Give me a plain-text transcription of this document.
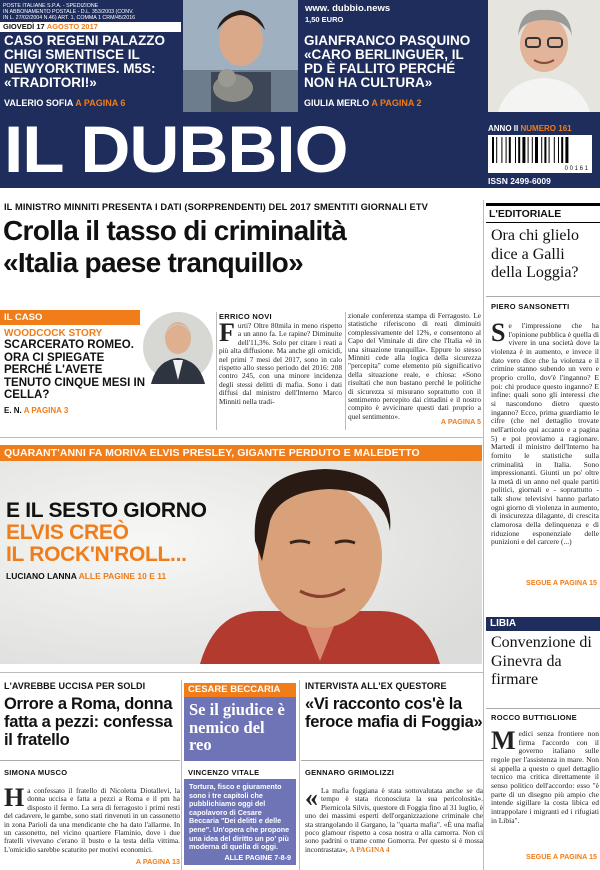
POSTE ITALIANE S.P.A. - SPEDIZIONE
IN ABBONAMENTO POSTALE - D.L. 353/2003 (CONV.
IN L. 27/02/2004 N.46) ART. 1, COMMA 1 CRM/45/2016
GIOVEDÌ 17 AGOSTO 2017
CASO REGENI PALAZZO CHIGI SMENTISCE IL NEWYORKTIMES. M5S: «TRADITORI!»
VALERIO SOFIA A PAGINA 6
www. dubbio.news
1,50 EURO
GIANFRANCO PASQUINO «CARO BERLINGUER, IL PD È FALLITO PERCHÉ NON HA CULTURA»
GIULIA MERLO A PAGINA 2
IL DUBBIO	ANNO II NUMERO 161
0 0 1 6 1
ISSN 2499-6009
IL MINISTRO MINNITI PRESENTA I DATI (SORPRENDENTI) DEL 2017 SMENTITI GIORNALI ETV
Crolla il tasso di criminalità
«Italia paese tranquillo»
IL CASO
WOODCOCK STORY
SCARCERATO ROMEO. ORA CI SPIEGATE PERCHÉ L'AVETE TENUTO CINQUE MESI IN CELLA?
E. N. A PAGINA 3
ERRICO NOVI
Furti? Oltre 80mila in meno rispetto a un anno fa. Le rapine? Diminuite dell'11,3%. Solo per citare i reati a più alta diffusione. Ma anche gli omicidi, nel primi 7 mesi del 2017, sono in calo rispetto allo stesso periodo del 2016: 208 contro 245, con una minore incidenza degli stessi delitti di mafia. Sono i dati diffusi dal ministro dell'Interno Marco Minniti nella tradi-
zionale conferenza stampa di Ferragosto. Le statistiche riferiscono di reati diminuiti complessivamente del 12%, e consentono al Capo del Viminale di dire che l'Italia «è in una situazione tranquilla». Eppure lo stesso Minniti cede alla logica della sicurezza "percepita" come elemento più significativo della situazione reale, e chiosa: «Sono risultati che non bastano perché le politiche di sicurezza si misurano soprattutto con il sentimento percepito dai cittadini e il nostro compito è avvicinare questi dati proprio a quel sentimento».
A PAGINA 5
L'EDITORIALE
Ora chi glielo dice a Galli della Loggia?
PIERO SANSONETTI
Se l'impressione che ha l'opinione pubblica è quella di vivere in una società dove la violenza è in aumento, e invece il dato vero dice che la violenza e il crimine stanno subendo un vero e proprio crollo, dov'è l'inganno? E poi: chi produce questo inganno? E infine: quali sono gli interessi che si nascondono dietro questo inganno? Ecco, prima guardiamo le cifre (che nel dettaglio trovate nell'articolo qui accanto e a pagina 5) e poi proviamo a ragionare. Martedì il ministro dell'Interno ha fornito le statistiche sulla criminalità in Italia. Sono impressionanti. Giunti un po' oltre la metà di un anno nel quale partiti politici, giornali e - soprattutto - talk show televisivi hanno parlato ogni giorno di violenza in aumento, di insicurezza dilagante, di crescita clamorosa della delinquenza e di riduzione esponenziale delle punizioni e del carcere (...)
SEGUE A PAGINA 15
QUARANT'ANNI FA MORIVA ELVIS PRESLEY, GIGANTE PERDUTO E MALEDETTO
E IL SESTO GIORNO
ELVIS CREÒ
IL ROCK'N'ROLL...
LUCIANO LANNA ALLE PAGINE 10 E 11
LIBIA
Convenzione di Ginevra da firmare
ROCCO BUTTIGLIONE
Medici senza frontiere non firma l'accordo con il governo italiano sulle regole per l'assistenza in mare. Non si appella a questo o quel dettaglio tecnico ma critica direttamente il senso politico dell'accordo: esso "è parte di un disegno più ampio che intende sigillare la costa libica ed intrappolare i migranti ed i rifugiati in Libia".
SEGUE A PAGINA 15
L'AVREBBE UCCISA PER SOLDI
Orrore a Roma, donna fatta a pezzi: confessa il fratello
SIMONA MUSCO
Ha confessato il fratello di Nicoletta Diotallevi, la donna uccisa e fatta a pezzi a Roma e il pm ha disposto il fermo. La sera di ferragosto i primi resti del cadavere, le gambe, sono stati rinvenuti in un cassonetto in zona Parioli da una mendicante che ha dato l'allarme. In un cassonetto, nel vicino quartiere Flaminio, dove i due fratelli vivevano c'erano il busto e la testa della vittima. L'omicidio sarebbe scaturito per motivi economici.
A PAGINA 13
CESARE BECCARIA
Se il giudice è nemico del reo
VINCENZO VITALE
Tortura, fisco e giuramento sono i tre capitoli che pubblichiamo oggi del capolavoro di Cesare Beccaria "Dei delitti e delle pene". Un'opera che propone una idea del diritto un po' più moderna di quella di oggi.
ALLE PAGINE 7-8-9
INTERVISTA ALL'EX QUESTORE
«Vi racconto cos'è la feroce mafia di Foggia»
GENNARO GRIMOLIZZI
« La mafia foggiana è stata sottovalutata anche se da tempo è stata riconosciuta la sua pericolosità». Piernicola Silvis, questore di Foggia fino al 31 luglio, è uno dei massimi esperti dell'organizzazione criminale che sta strangolando il Gargano, la "quarta mafia". «È una mafia poco glamour rispetto a cosa nostra o alla camorra. Non ci sono padrini o trame come Gomorra. Per questo si è mossa incontrastata», A PAGINA 4
